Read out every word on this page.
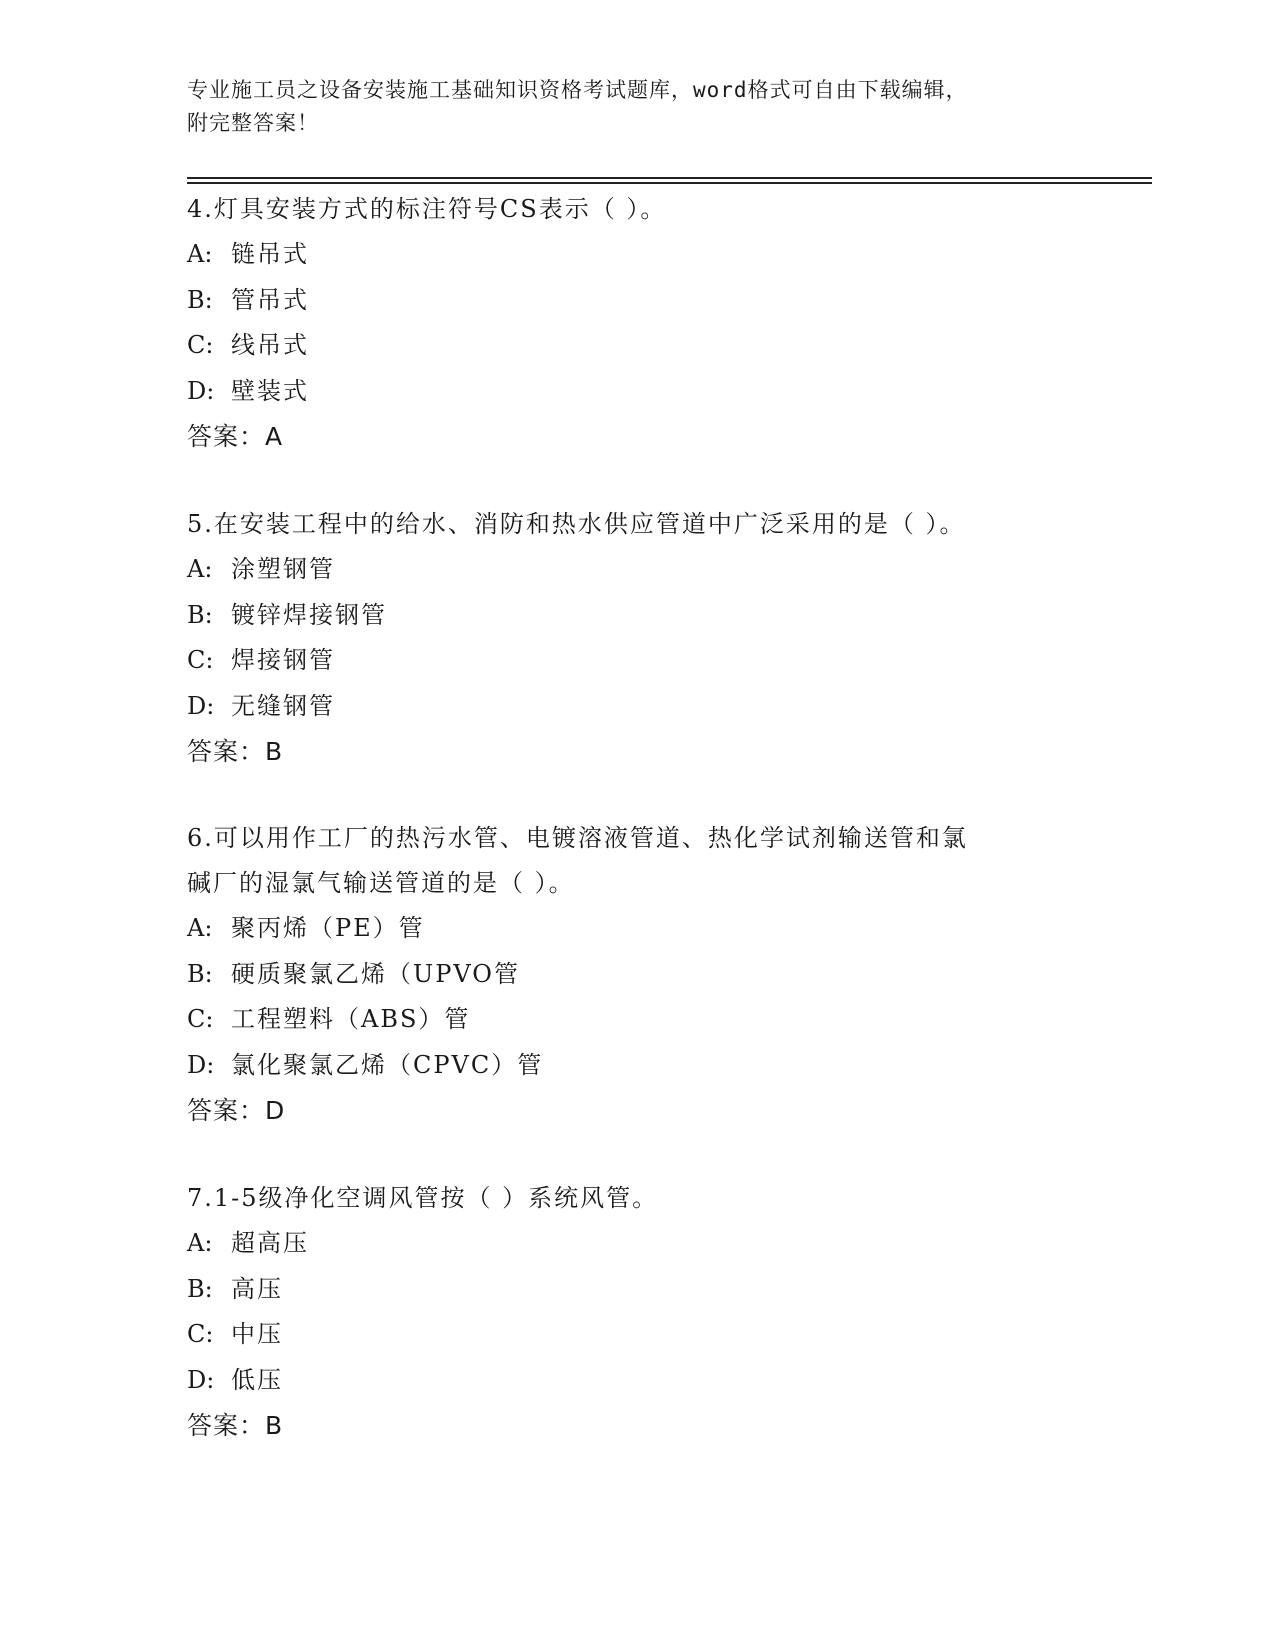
专业施工员之设备安装施工基础知识资格考试题库，word格式可自由下载编辑，
附完整答案！
4.灯具安装方式的标注符号CS表示（ ）。
A: 链吊式
B: 管吊式
C: 线吊式
D: 壁装式
答案：A
5.在安装工程中的给水、消防和热水供应管道中广泛采用的是（ ）。
A: 涂塑钢管
B: 镀锌焊接钢管
C: 焊接钢管
D: 无缝钢管
答案：B
6.可以用作工厂的热污水管、电镀溶液管道、热化学试剂输送管和氯
碱厂的湿氯气输送管道的是（ ）。
A: 聚丙烯（PE）管
B: 硬质聚氯乙烯（UPVO管
C: 工程塑料（ABS）管
D: 氯化聚氯乙烯（CPVC）管
答案：D
7.1-5级净化空调风管按（ ）系统风管。
A: 超高压
B: 高压
C: 中压
D: 低压
答案：B
